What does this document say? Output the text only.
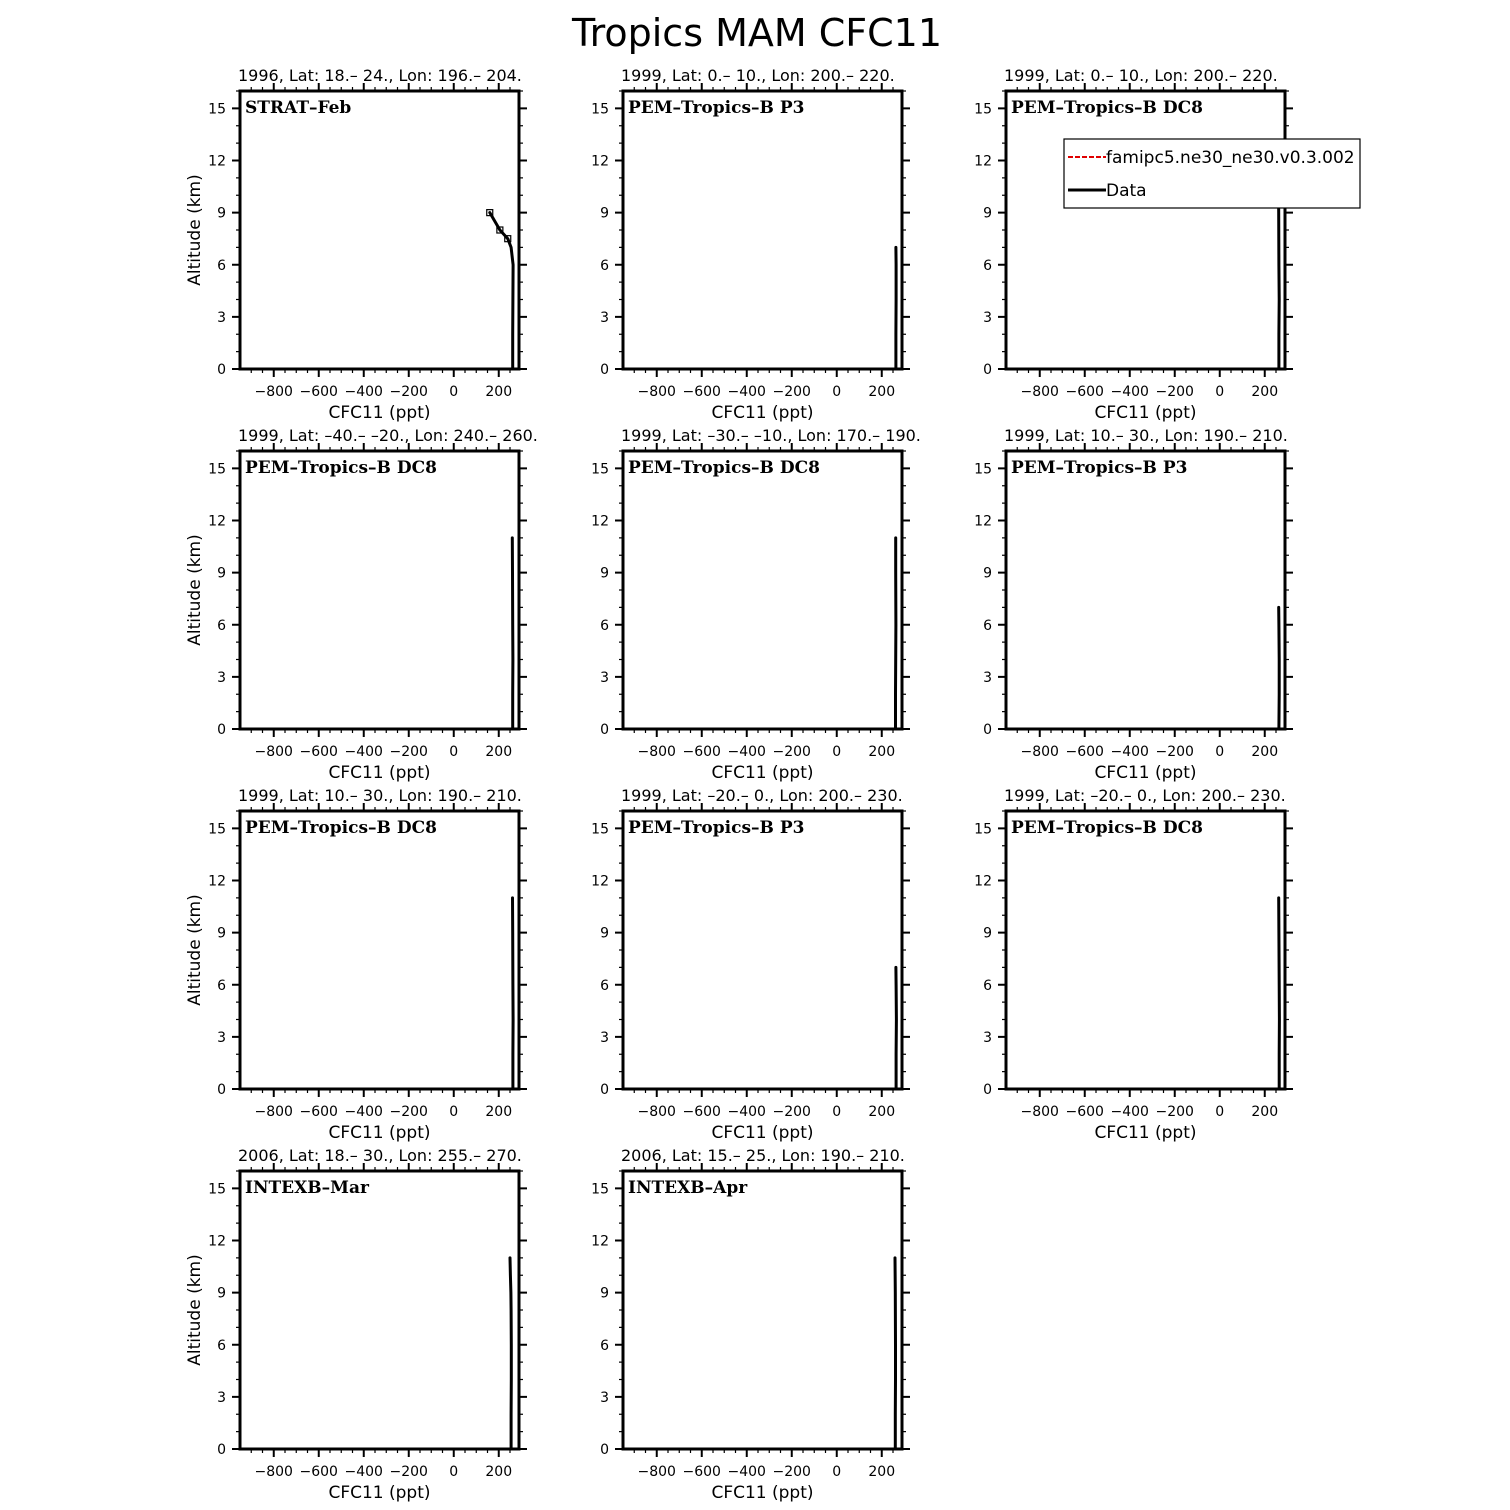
Tropics MAM CFC11
1996, Lat: 18.– 24., Lon: 196.– 204.
−800 −600 −400 −200 0 200
0
3
6
9
12
15
CFC11 (ppt)
Altitude (km)
STRAT–Feb
1999, Lat: 0.– 10., Lon: 200.– 220.
−800 −600 −400 −200 0 200
0
3
6
9
12
15
CFC11 (ppt)
PEM–Tropics–B P3
1999, Lat: 0.– 10., Lon: 200.– 220.
−800 −600 −400 −200 0 200
0
3
6
9
12
15
CFC11 (ppt)
PEM–Tropics–B DC8
1999, Lat: –40.– –20., Lon: 240.– 260.
−800 −600 −400 −200 0 200
0
3
6
9
12
15
CFC11 (ppt)
Altitude (km)
PEM–Tropics–B DC8
1999, Lat: –30.– –10., Lon: 170.– 190.
−800 −600 −400 −200 0 200
0
3
6
9
12
15
CFC11 (ppt)
PEM–Tropics–B DC8
1999, Lat: 10.– 30., Lon: 190.– 210.
−800 −600 −400 −200 0 200
0
3
6
9
12
15
CFC11 (ppt)
PEM–Tropics–B P3
1999, Lat: 10.– 30., Lon: 190.– 210.
−800 −600 −400 −200 0 200
0
3
6
9
12
15
CFC11 (ppt)
Altitude (km)
PEM–Tropics–B DC8
1999, Lat: –20.– 0., Lon: 200.– 230.
−800 −600 −400 −200 0 200
0
3
6
9
12
15
CFC11 (ppt)
PEM–Tropics–B P3
1999, Lat: –20.– 0., Lon: 200.– 230.
−800 −600 −400 −200 0 200
0
3
6
9
12
15
CFC11 (ppt)
PEM–Tropics–B DC8
2006, Lat: 18.– 30., Lon: 255.– 270.
−800 −600 −400 −200 0 200
0
3
6
9
12
15
CFC11 (ppt)
Altitude (km)
INTEXB–Mar
2006, Lat: 15.– 25., Lon: 190.– 210.
−800 −600 −400 −200 0 200
0
3
6
9
12
15
CFC11 (ppt)
INTEXB–Apr
famipc5.ne30_ne30.v0.3.002
Data
